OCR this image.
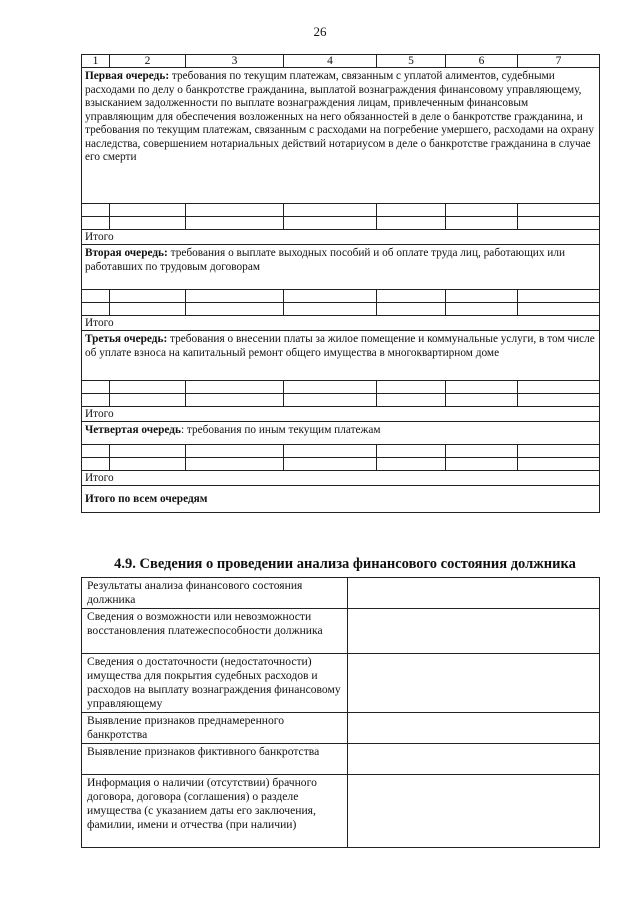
26
1	2	3	4	5	6	7
Первая очередь: требования по текущим платежам, связанным с уплатой алиментов, судебными расходами по делу о банкротстве гражданина, выплатой вознаграждения финансовому управляющему, взысканием задолженности по выплате вознаграждения лицам, привлеченным финансовым управляющим для обеспечения возложенных на него обязанностей в деле о банкротстве гражданина, и требования по текущим платежам, связанным с расходами на погребение умершего, расходами на охрану наследства, совершением нотариальных действий нотариусом в деле о банкротстве гражданина в случае его смерти						

Итого						
Вторая очередь: требования о выплате выходных пособий и об оплате труда лиц, работающих или работавших по трудовым договорам						

Итого						
Третья очередь: требования о внесении платы за жилое помещение и коммунальные услуги, в том числе об уплате взноса на капитальный ремонт общего имущества в многоквартирном доме						

Итого						
Четвертая очередь: требования по иным текущим платежам						

Итого						
Итого по всем очередям						
4.9. Сведения о проведении анализа финансового состояния должника
Результаты анализа финансового состояния должника	
Сведения о возможности или невозможности восстановления платежеспособности должника	
Сведения о достаточности (недостаточности) имущества для покрытия судебных расходов и расходов на выплату вознаграждения финансовому управляющему	
Выявление признаков преднамеренного банкротства	
Выявление признаков фиктивного банкротства	
Информация о наличии (отсутствии) брачного договора, договора (соглашения) о разделе имущества (с указанием даты его заключения, фамилии, имени и отчества (при наличии)	
